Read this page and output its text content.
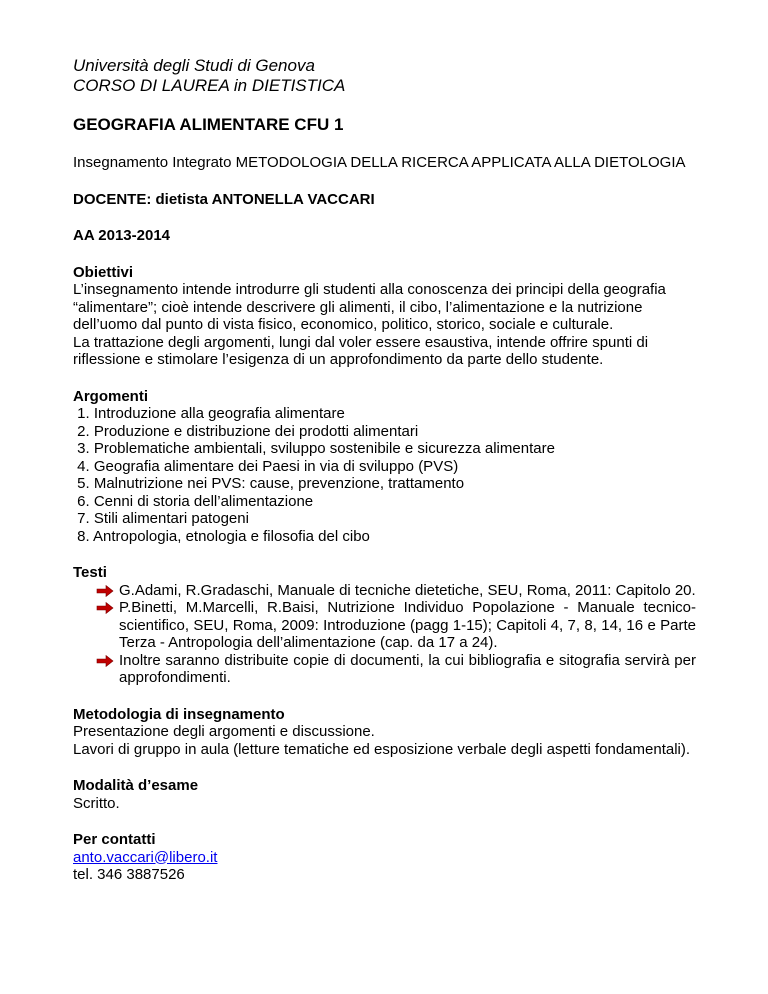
Università degli Studi di Genova
CORSO DI LAUREA in DIETISTICA
GEOGRAFIA ALIMENTARE CFU 1
Insegnamento Integrato METODOLOGIA DELLA RICERCA APPLICATA ALLA DIETOLOGIA
DOCENTE: dietista ANTONELLA VACCARI
AA 2013-2014
Obiettivi
L’insegnamento intende introdurre gli studenti alla conoscenza dei principi della geografia “alimentare”; cioè intende descrivere gli alimenti, il cibo, l’alimentazione e la nutrizione dell’uomo dal punto di vista fisico, economico, politico, storico, sociale e culturale.
La trattazione degli argomenti, lungi dal voler essere esaustiva, intende offrire spunti di riflessione e stimolare l’esigenza di un approfondimento da parte dello studente.
Argomenti
1. Introduzione alla geografia alimentare
2. Produzione e distribuzione dei prodotti alimentari
3. Problematiche ambientali, sviluppo sostenibile e sicurezza alimentare
4. Geografia alimentare dei Paesi in via di sviluppo (PVS)
5. Malnutrizione nei PVS: cause, prevenzione, trattamento
6. Cenni di storia dell’alimentazione
7. Stili alimentari patogeni
8. Antropologia, etnologia e filosofia del cibo
Testi
G.Adami, R.Gradaschi, Manuale di tecniche dietetiche, SEU, Roma, 2011: Capitolo 20.
P.Binetti, M.Marcelli, R.Baisi, Nutrizione Individuo Popolazione - Manuale tecnico-scientifico, SEU, Roma, 2009: Introduzione (pagg 1-15); Capitoli 4, 7, 8, 14, 16 e Parte Terza - Antropologia dell’alimentazione (cap. da 17 a 24).
Inoltre saranno distribuite copie di documenti, la cui bibliografia e sitografia servirà per approfondimenti.
Metodologia di insegnamento
Presentazione degli argomenti e discussione.
Lavori di gruppo in aula (letture tematiche ed esposizione verbale degli aspetti fondamentali).
Modalità d’esame
Scritto.
Per contatti
anto.vaccari@libero.it
tel. 346 3887526
